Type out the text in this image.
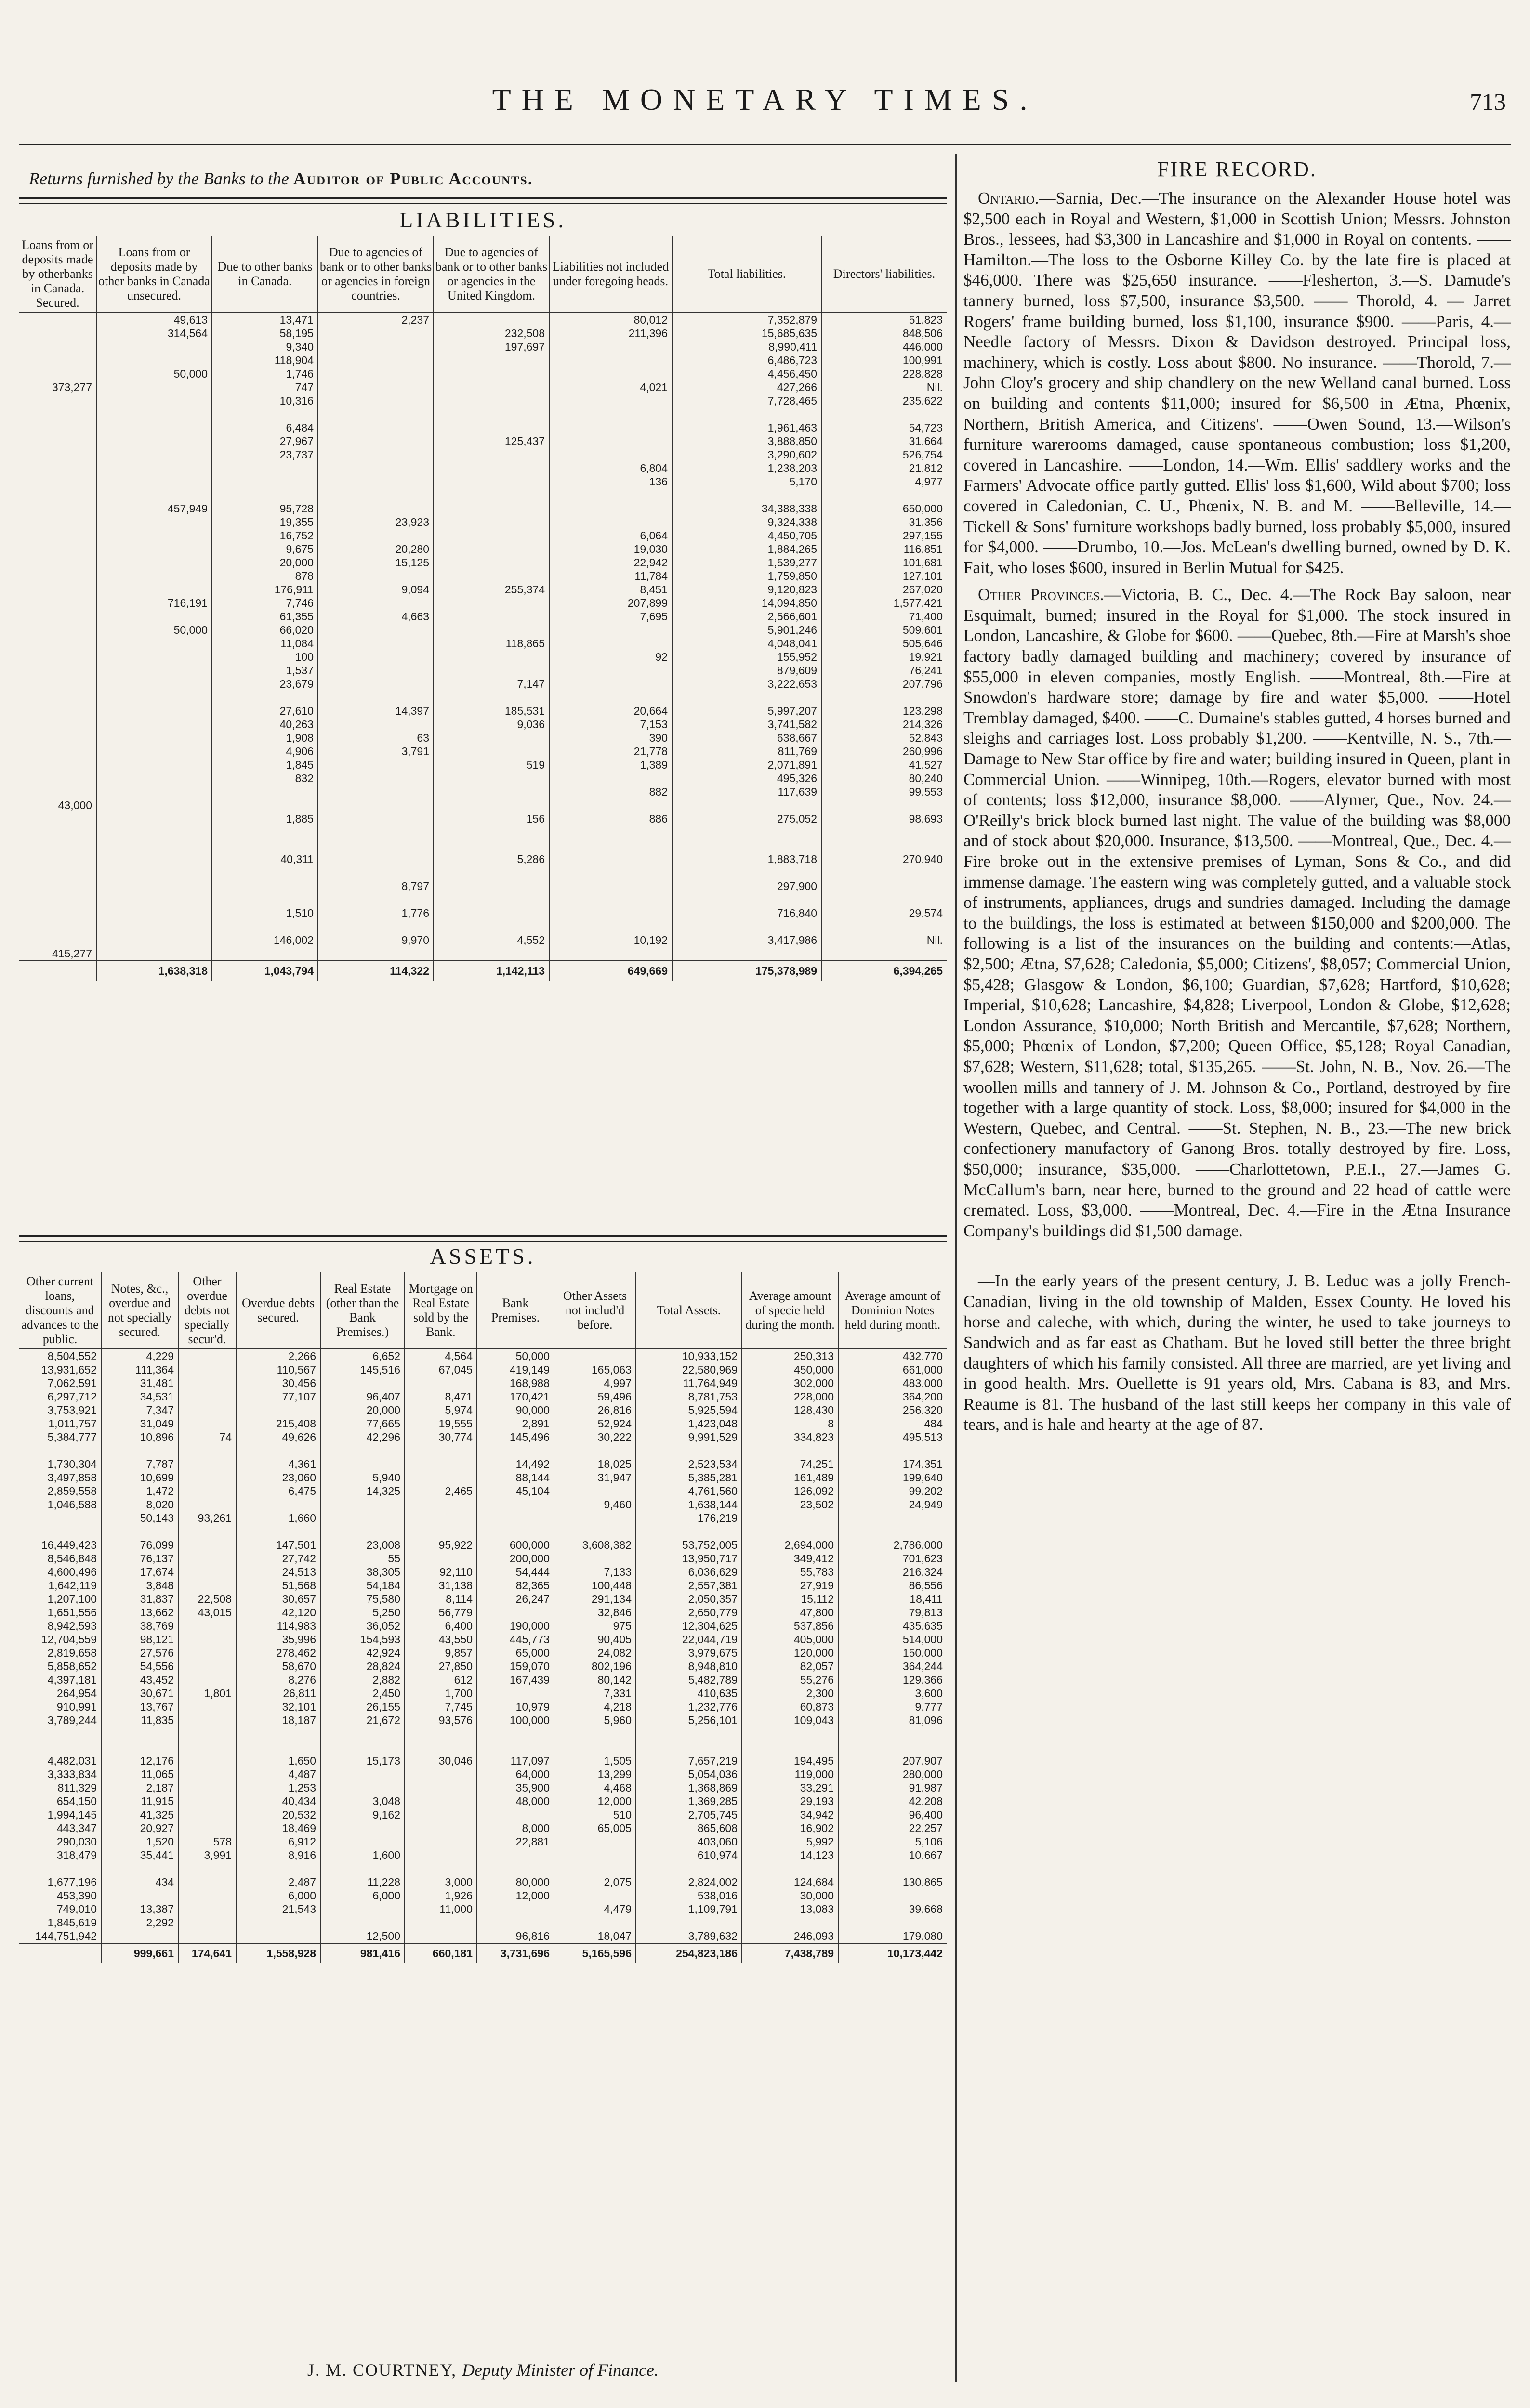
THE MONETARY TIMES.	713
Returns furnished by the Banks to the Auditor of Public Accounts.
LIABILITIES.
Loans from or deposits made by otherbanks in Canada. Secured.	Loans from or deposits made by other banks in Canada unsecured.	Due to other banks in Canada.	Due to agencies of bank or to other banks or agencies in foreign countries.	Due to agencies of bank or to other banks or agencies in the United Kingdom.	Liabilities not included under foregoing heads.	Total liabilities.	Directors' liabilities.
	49,613	13,471	2,237		80,012	7,352,879	51,823
	314,564	58,195		232,508	211,396	15,685,635	848,506
		9,340		197,697		8,990,411	446,000
		118,904				6,486,723	100,991
	50,000	1,746				4,456,450	228,828
373,277		747			4,021	427,266	Nil.
		10,316				7,728,465	235,622

		6,484				1,961,463	54,723
		27,967		125,437		3,888,850	31,664
		23,737				3,290,602	526,754
					6,804	1,238,203	21,812
					136	5,170	4,977

	457,949	95,728				34,388,338	650,000
		19,355	23,923			9,324,338	31,356
		16,752			6,064	4,450,705	297,155
		9,675	20,280		19,030	1,884,265	116,851
		20,000	15,125		22,942	1,539,277	101,681
		878			11,784	1,759,850	127,101
		176,911	9,094	255,374	8,451	9,120,823	267,020
	716,191	7,746			207,899	14,094,850	1,577,421
		61,355	4,663		7,695	2,566,601	71,400
	50,000	66,020				5,901,246	509,601
		11,084		118,865		4,048,041	505,646
		100			92	155,952	19,921
		1,537				879,609	76,241
		23,679		7,147		3,222,653	207,796

		27,610	14,397	185,531	20,664	5,997,207	123,298
		40,263		9,036	7,153	3,741,582	214,326
		1,908	63		390	638,667	52,843
		4,906	3,791		21,778	811,769	260,996
		1,845		519	1,389	2,071,891	41,527
		832				495,326	80,240
					882	117,639	99,553
43,000							
		1,885		156	886	275,052	98,693

		40,311		5,286		1,883,718	270,940

			8,797			297,900	

		1,510	1,776			716,840	29,574

		146,002	9,970	4,552	10,192	3,417,986	Nil.
415,277							
	1,638,318	1,043,794	114,322	1,142,113	649,669	175,378,989	6,394,265
ASSETS.
Other current loans, discounts and advances to the public.	Notes, &c., overdue and not specially secured.	Other overdue debts not specially secur'd.	Overdue debts secured.	Real Estate (other than the Bank Premises.)	Mortgage on Real Estate sold by the Bank.	Bank Premises.	Other Assets not includ'd before.	Total Assets.	Average amount of specie held during the month.	Average amount of Dominion Notes held during month.
8,504,552	4,229		2,266	6,652	4,564	50,000		10,933,152	250,313	432,770
13,931,652	111,364		110,567	145,516	67,045	419,149	165,063	22,580,969	450,000	661,000
7,062,591	31,481		30,456			168,988	4,997	11,764,949	302,000	483,000
6,297,712	34,531		77,107	96,407	8,471	170,421	59,496	8,781,753	228,000	364,200
3,753,921	7,347			20,000	5,974	90,000	26,816	5,925,594	128,430	256,320
1,011,757	31,049		215,408	77,665	19,555	2,891	52,924	1,423,048	8	484
5,384,777	10,896	74	49,626	42,296	30,774	145,496	30,222	9,991,529	334,823	495,513

1,730,304	7,787		4,361			14,492	18,025	2,523,534	74,251	174,351
3,497,858	10,699		23,060	5,940		88,144	31,947	5,385,281	161,489	199,640
2,859,558	1,472		6,475	14,325	2,465	45,104		4,761,560	126,092	99,202
1,046,588	8,020						9,460	1,638,144	23,502	24,949
	50,143	93,261	1,660					176,219		

16,449,423	76,099		147,501	23,008	95,922	600,000	3,608,382	53,752,005	2,694,000	2,786,000
8,546,848	76,137		27,742	55		200,000		13,950,717	349,412	701,623
4,600,496	17,674		24,513	38,305	92,110	54,444	7,133	6,036,629	55,783	216,324
1,642,119	3,848		51,568	54,184	31,138	82,365	100,448	2,557,381	27,919	86,556
1,207,100	31,837	22,508	30,657	75,580	8,114	26,247	291,134	2,050,357	15,112	18,411
1,651,556	13,662	43,015	42,120	5,250	56,779		32,846	2,650,779	47,800	79,813
8,942,593	38,769		114,983	36,052	6,400	190,000	975	12,304,625	537,856	435,635
12,704,559	98,121		35,996	154,593	43,550	445,773	90,405	22,044,719	405,000	514,000
2,819,658	27,576		278,462	42,924	9,857	65,000	24,082	3,979,675	120,000	150,000
5,858,652	54,556		58,670	28,824	27,850	159,070	802,196	8,948,810	82,057	364,244
4,397,181	43,452		8,276	2,882	612	167,439	80,142	5,482,789	55,276	129,366
264,954	30,671	1,801	26,811	2,450	1,700		7,331	410,635	2,300	3,600
910,991	13,767		32,101	26,155	7,745	10,979	4,218	1,232,776	60,873	9,777
3,789,244	11,835		18,187	21,672	93,576	100,000	5,960	5,256,101	109,043	81,096

4,482,031	12,176		1,650	15,173	30,046	117,097	1,505	7,657,219	194,495	207,907
3,333,834	11,065		4,487			64,000	13,299	5,054,036	119,000	280,000
811,329	2,187		1,253			35,900	4,468	1,368,869	33,291	91,987
654,150	11,915		40,434	3,048		48,000	12,000	1,369,285	29,193	42,208
1,994,145	41,325		20,532	9,162			510	2,705,745	34,942	96,400
443,347	20,927		18,469			8,000	65,005	865,608	16,902	22,257
290,030	1,520	578	6,912			22,881		403,060	5,992	5,106
318,479	35,441	3,991	8,916	1,600				610,974	14,123	10,667

1,677,196	434		2,487	11,228	3,000	80,000	2,075	2,824,002	124,684	130,865
453,390			6,000	6,000	1,926	12,000		538,016	30,000	
749,010	13,387		21,543		11,000		4,479	1,109,791	13,083	39,668
1,845,619	2,292									
144,751,942				12,500		96,816	18,047	3,789,632	246,093	179,080
	999,661	174,641	1,558,928	981,416	660,181	3,731,696	5,165,596	254,823,186	7,438,789	10,173,442
J. M. COURTNEY, Deputy Minister of Finance.
FIRE RECORD.

Ontario.—Sarnia, Dec.—The insurance on the Alexander House hotel was $2,500 each in Royal and Western, $1,000 in Scottish Union; Messrs. Johnston Bros., lessees, had $3,300 in Lancashire and $1,000 in Royal on contents. ——Hamilton.—The loss to the Osborne Killey Co. by the late fire is placed at $46,000. There was $25,650 insurance. ——Flesherton, 3.—S. Damude's tannery burned, loss $7,500, insurance $3,500. —— Thorold, 4. — Jarret Rogers' frame building burned, loss $1,100, insurance $900. ——Paris, 4.—Needle factory of Messrs. Dixon & Davidson destroyed. Principal loss, machinery, which is costly. Loss about $800. No insurance. ——Thorold, 7.—John Cloy's grocery and ship chandlery on the new Welland canal burned. Loss on building and contents $11,000; insured for $6,500 in Ætna, Phœnix, Northern, British America, and Citizens'. ——Owen Sound, 13.—Wilson's furniture warerooms damaged, cause spontaneous combustion; loss $1,200, covered in Lancashire. ——London, 14.—Wm. Ellis' saddlery works and the Farmers' Advocate office partly gutted. Ellis' loss $1,600, Wild about $700; loss covered in Caledonian, C. U., Phœnix, N. B. and M. ——Belleville, 14.—Tickell & Sons' furniture workshops badly burned, loss probably $5,000, insured for $4,000. ——Drumbo, 10.—Jos. McLean's dwelling burned, owned by D. K. Fait, who loses $600, insured in Berlin Mutual for $425.

Other Provinces.—Victoria, B. C., Dec. 4.—The Rock Bay saloon, near Esquimalt, burned; insured in the Royal for $1,000. The stock insured in London, Lancashire, & Globe for $600. ——Quebec, 8th.—Fire at Marsh's shoe factory badly damaged building and machinery; covered by insurance of $55,000 in eleven companies, mostly English. ——Montreal, 8th.—Fire at Snowdon's hardware store; damage by fire and water $5,000. ——Hotel Tremblay damaged, $400. ——C. Dumaine's stables gutted, 4 horses burned and sleighs and carriages lost. Loss probably $1,200. ——Kentville, N. S., 7th.—Damage to New Star office by fire and water; building insured in Queen, plant in Commercial Union. ——Winnipeg, 10th.—Rogers, elevator burned with most of contents; loss $12,000, insurance $8,000. ——Alymer, Que., Nov. 24.—O'Reilly's brick block burned last night. The value of the building was $8,000 and of stock about $20,000. Insurance, $13,500. ——Montreal, Que., Dec. 4.—Fire broke out in the extensive premises of Lyman, Sons & Co., and did immense damage. The eastern wing was completely gutted, and a valuable stock of instruments, appliances, drugs and sundries damaged. Including the damage to the buildings, the loss is estimated at between $150,000 and $200,000. The following is a list of the insurances on the building and contents:—Atlas, $2,500; Ætna, $7,628; Caledonia, $5,000; Citizens', $8,057; Commercial Union, $5,428; Glasgow & London, $6,100; Guardian, $7,628; Hartford, $10,628; Imperial, $10,628; Lancashire, $4,828; Liverpool, London & Globe, $12,628; London Assurance, $10,000; North British and Mercantile, $7,628; Northern, $5,000; Phœnix of London, $7,200; Queen Office, $5,128; Royal Canadian, $7,628; Western, $11,628; total, $135,265. ——St. John, N. B., Nov. 26.—The woollen mills and tannery of J. M. Johnson & Co., Portland, destroyed by fire together with a large quantity of stock. Loss, $8,000; insured for $4,000 in the Western, Quebec, and Central. ——St. Stephen, N. B., 23.—The new brick confectionery manufactory of Ganong Bros. totally destroyed by fire. Loss, $50,000; insurance, $35,000. ——Charlottetown, P.E.I., 27.—James G. McCallum's barn, near here, burned to the ground and 22 head of cattle were cremated. Loss, $3,000. ——Montreal, Dec. 4.—Fire in the Ætna Insurance Company's buildings did $1,500 damage.

—In the early years of the present century, J. B. Leduc was a jolly French-Canadian, living in the old township of Malden, Essex County. He loved his horse and caleche, with which, during the winter, he used to take journeys to Sandwich and as far east as Chatham. But he loved still better the three bright daughters of which his family consisted. All three are married, are yet living and in good health. Mrs. Ouellette is 91 years old, Mrs. Cabana is 83, and Mrs. Reaume is 81. The husband of the last still keeps her company in this vale of tears, and is hale and hearty at the age of 87.
